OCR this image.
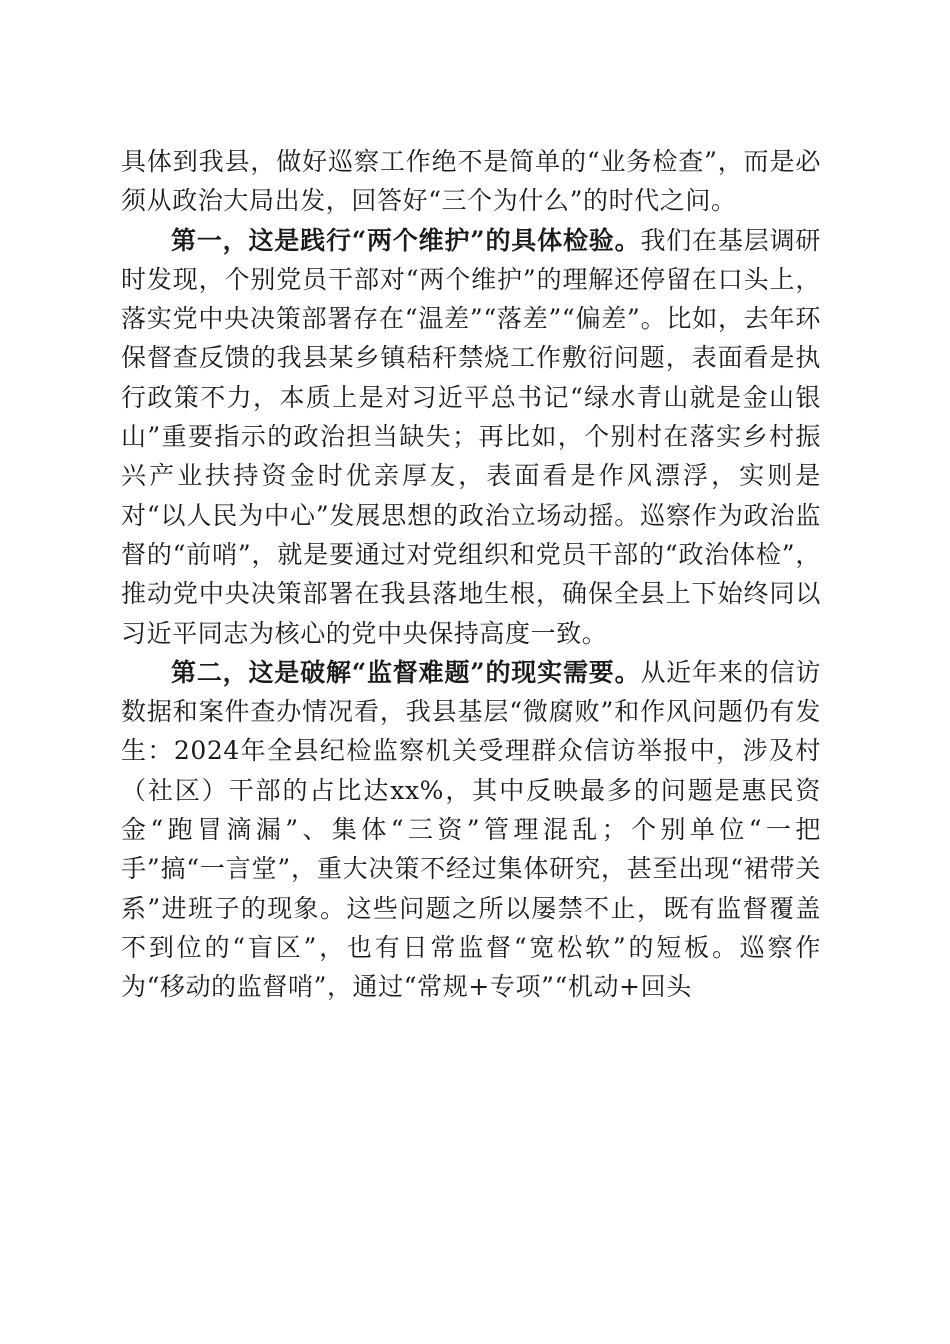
具体到我县，做好巡察工作绝不是简单的“业务检查”，而是必须从政治大局出发，回答好“三个为什么”的时代之问。

第一，这是践行“两个维护”的具体检验。我们在基层调研时发现，个别党员干部对“两个维护”的理解还停留在口头上，落实党中央决策部署存在“温差”“落差”“偏差”。比如，去年环保督查反馈的我县某乡镇秸秆禁烧工作敷衍问题，表面看是执行政策不力，本质上是对习近平总书记“绿水青山就是金山银山”重要指示的政治担当缺失；再比如，个别村在落实乡村振兴产业扶持资金时优亲厚友，表面看是作风漂浮，实则是对“以人民为中心”发展思想的政治立场动摇。巡察作为政治监督的“前哨”，就是要通过对党组织和党员干部的“政治体检”，推动党中央决策部署在我县落地生根，确保全县上下始终同以习近平同志为核心的党中央保持高度一致。

第二，这是破解“监督难题”的现实需要。从近年来的信访数据和案件查办情况看，我县基层“微腐败”和作风问题仍有发生：2024年全县纪检监察机关受理群众信访举报中，涉及村（社区）干部的占比达xx%，其中反映最多的问题是惠民资金“跑冒滴漏”、集体“三资”管理混乱；个别单位“一把手”搞“一言堂”，重大决策不经过集体研究，甚至出现“裙带关系”进班子的现象。这些问题之所以屡禁不止，既有监督覆盖不到位的“盲区”，也有日常监督“宽松软”的短板。巡察作为“移动的监督哨”，通过“常规+专项”“机动+回头
